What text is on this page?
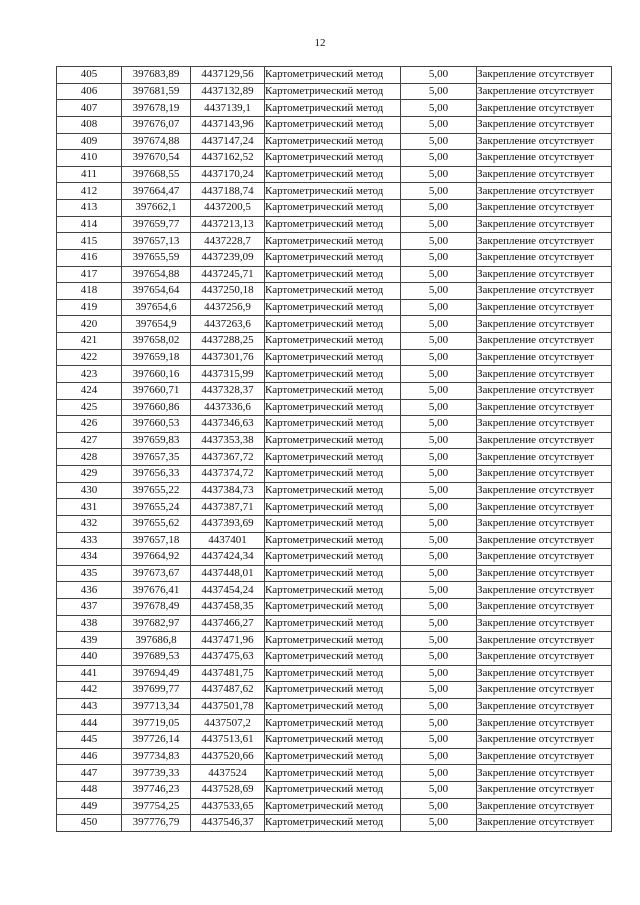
12
405	397683,89	4437129,56	Картометрический метод	5,00	Закрепление отсутствует
406	397681,59	4437132,89	Картометрический метод	5,00	Закрепление отсутствует
407	397678,19	4437139,1	Картометрический метод	5,00	Закрепление отсутствует
408	397676,07	4437143,96	Картометрический метод	5,00	Закрепление отсутствует
409	397674,88	4437147,24	Картометрический метод	5,00	Закрепление отсутствует
410	397670,54	4437162,52	Картометрический метод	5,00	Закрепление отсутствует
411	397668,55	4437170,24	Картометрический метод	5,00	Закрепление отсутствует
412	397664,47	4437188,74	Картометрический метод	5,00	Закрепление отсутствует
413	397662,1	4437200,5	Картометрический метод	5,00	Закрепление отсутствует
414	397659,77	4437213,13	Картометрический метод	5,00	Закрепление отсутствует
415	397657,13	4437228,7	Картометрический метод	5,00	Закрепление отсутствует
416	397655,59	4437239,09	Картометрический метод	5,00	Закрепление отсутствует
417	397654,88	4437245,71	Картометрический метод	5,00	Закрепление отсутствует
418	397654,64	4437250,18	Картометрический метод	5,00	Закрепление отсутствует
419	397654,6	4437256,9	Картометрический метод	5,00	Закрепление отсутствует
420	397654,9	4437263,6	Картометрический метод	5,00	Закрепление отсутствует
421	397658,02	4437288,25	Картометрический метод	5,00	Закрепление отсутствует
422	397659,18	4437301,76	Картометрический метод	5,00	Закрепление отсутствует
423	397660,16	4437315,99	Картометрический метод	5,00	Закрепление отсутствует
424	397660,71	4437328,37	Картометрический метод	5,00	Закрепление отсутствует
425	397660,86	4437336,6	Картометрический метод	5,00	Закрепление отсутствует
426	397660,53	4437346,63	Картометрический метод	5,00	Закрепление отсутствует
427	397659,83	4437353,38	Картометрический метод	5,00	Закрепление отсутствует
428	397657,35	4437367,72	Картометрический метод	5,00	Закрепление отсутствует
429	397656,33	4437374,72	Картометрический метод	5,00	Закрепление отсутствует
430	397655,22	4437384,73	Картометрический метод	5,00	Закрепление отсутствует
431	397655,24	4437387,71	Картометрический метод	5,00	Закрепление отсутствует
432	397655,62	4437393,69	Картометрический метод	5,00	Закрепление отсутствует
433	397657,18	4437401	Картометрический метод	5,00	Закрепление отсутствует
434	397664,92	4437424,34	Картометрический метод	5,00	Закрепление отсутствует
435	397673,67	4437448,01	Картометрический метод	5,00	Закрепление отсутствует
436	397676,41	4437454,24	Картометрический метод	5,00	Закрепление отсутствует
437	397678,49	4437458,35	Картометрический метод	5,00	Закрепление отсутствует
438	397682,97	4437466,27	Картометрический метод	5,00	Закрепление отсутствует
439	397686,8	4437471,96	Картометрический метод	5,00	Закрепление отсутствует
440	397689,53	4437475,63	Картометрический метод	5,00	Закрепление отсутствует
441	397694,49	4437481,75	Картометрический метод	5,00	Закрепление отсутствует
442	397699,77	4437487,62	Картометрический метод	5,00	Закрепление отсутствует
443	397713,34	4437501,78	Картометрический метод	5,00	Закрепление отсутствует
444	397719,05	4437507,2	Картометрический метод	5,00	Закрепление отсутствует
445	397726,14	4437513,61	Картометрический метод	5,00	Закрепление отсутствует
446	397734,83	4437520,66	Картометрический метод	5,00	Закрепление отсутствует
447	397739,33	4437524	Картометрический метод	5,00	Закрепление отсутствует
448	397746,23	4437528,69	Картометрический метод	5,00	Закрепление отсутствует
449	397754,25	4437533,65	Картометрический метод	5,00	Закрепление отсутствует
450	397776,79	4437546,37	Картометрический метод	5,00	Закрепление отсутствует
